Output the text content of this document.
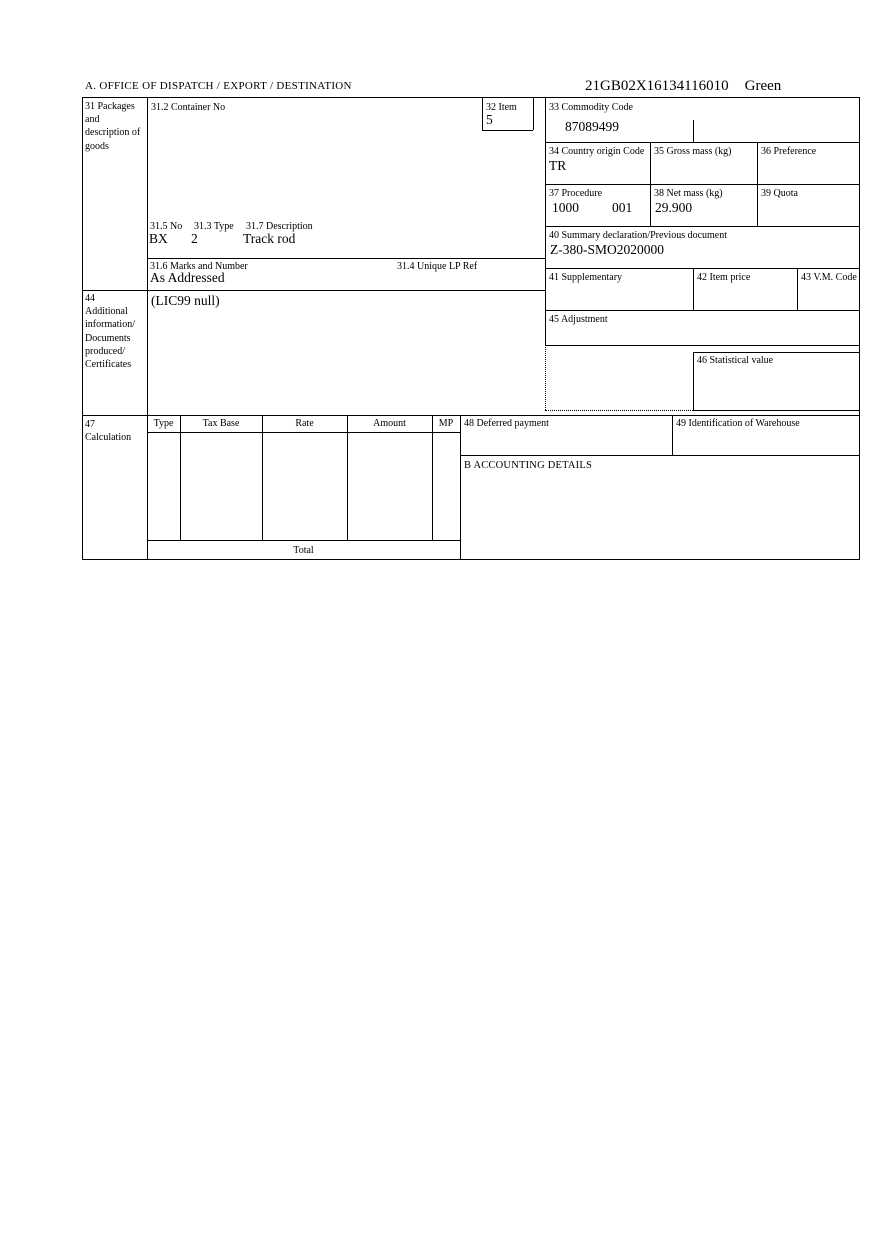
A. OFFICE OF DISPATCH / EXPORT / DESTINATION	21GB02X16134116010 Green
31 Packages and description of goods
44
Additional information/ Documents produced/ Certificates
47
Calculation
31.2 Container No
31.5 No 31.3 Type 31.7 Description
BX 2	Track rod
31.6 Marks and Number	31.4 Unique LP Ref
As Addressed
32 Item
5
33 Commodity Code
87089499
34 Country origin Code
TR
35 Gross mass (kg)	36 Preference
37 Procedure
1000 001
38 Net mass (kg)
29.900
39 Quota
40 Summary declaration/Previous document
Z-380-SMO2020000
41 Supplementary	42 Item price	43 V.M. Code
(LIC99 null)
45 Adjustment
46 Statistical value
Type	Tax Base	Rate	Amount	MP
Total
48 Deferred payment	49 Identification of Warehouse
B ACCOUNTING DETAILS
